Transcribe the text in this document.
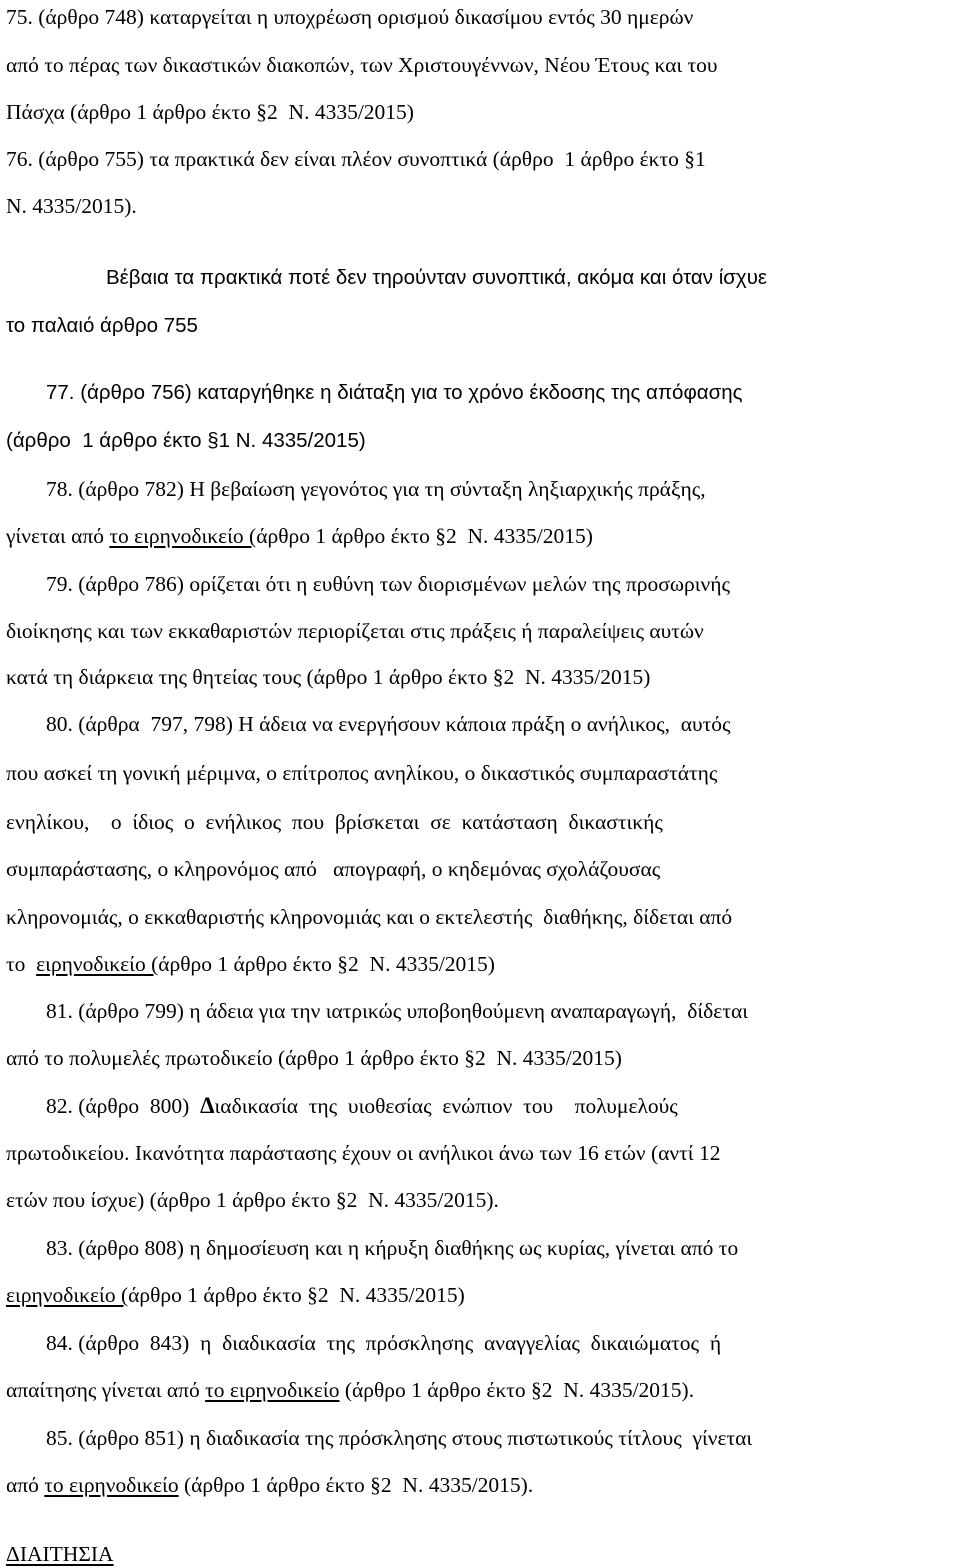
75. (άρθρο 748) καταργείται η υποχρέωση ορισμού δικασίμου εντός 30 ημερών
από το πέρας των δικαστικών διακοπών, των Χριστουγέννων, Νέου Έτους και του
Πάσχα (άρθρο 1 άρθρο έκτο §2  Ν. 4335/2015)
76. (άρθρο 755) τα πρακτικά δεν είναι πλέον συνοπτικά (άρθρο  1 άρθρο έκτο §1
Ν. 4335/2015).
Βέβαια τα πρακτικά ποτέ δεν τηρούνταν συνοπτικά, ακόμα και όταν ίσχυε
το παλαιό άρθρο 755
77. (άρθρο 756) καταργήθηκε η διάταξη για το χρόνο έκδοσης της απόφασης
(άρθρο  1 άρθρο έκτο §1 Ν. 4335/2015)
78. (άρθρο 782) Η βεβαίωση γεγονότος για τη σύνταξη ληξιαρχικής πράξης,
γίνεται από το ειρηνοδικείο (άρθρο 1 άρθρο έκτο §2  Ν. 4335/2015)
79. (άρθρο 786) ορίζεται ότι η ευθύνη των διορισμένων μελών της προσωρινής
διοίκησης και των εκκαθαριστών περιορίζεται στις πράξεις ή παραλείψεις αυτών
κατά τη διάρκεια της θητείας τους (άρθρο 1 άρθρο έκτο §2  Ν. 4335/2015)
80. (άρθρα  797, 798) Η άδεια να ενεργήσουν κάποια πράξη ο ανήλικος,  αυτός
που ασκεί τη γονική μέριμνα, ο επίτροπος ανηλίκου, ο δικαστικός συμπαραστάτης
ενηλίκου,    ο  ίδιος  ο  ενήλικος  που  βρίσκεται  σε  κατάσταση  δικαστικής
συμπαράστασης, ο κληρονόμος από   απογραφή, ο κηδεμόνας σχολάζουσας
κληρονομιάς, ο εκκαθαριστής κληρονομιάς και ο εκτελεστής  διαθήκης, δίδεται από
το  ειρηνοδικείο (άρθρο 1 άρθρο έκτο §2  Ν. 4335/2015)
81. (άρθρο 799) η άδεια για την ιατρικώς υποβοηθούμενη αναπαραγωγή,  δίδεται
από το πολυμελές πρωτοδικείο (άρθρο 1 άρθρο έκτο §2  Ν. 4335/2015)
82. (άρθρο  800)  Διαδικασία  της  υιοθεσίας  ενώπιον  του    πολυμελούς
πρωτοδικείου. Ικανότητα παράστασης έχουν οι ανήλικοι άνω των 16 ετών (αντί 12
ετών που ίσχυε) (άρθρο 1 άρθρο έκτο §2  Ν. 4335/2015).
83. (άρθρο 808) η δημοσίευση και η κήρυξη διαθήκης ως κυρίας, γίνεται από το
ειρηνοδικείο (άρθρο 1 άρθρο έκτο §2  Ν. 4335/2015)
84. (άρθρο  843)  η  διαδικασία  της  πρόσκλησης  αναγγελίας  δικαιώματος  ή
απαίτησης γίνεται από το ειρηνοδικείο (άρθρο 1 άρθρο έκτο §2  Ν. 4335/2015).
85. (άρθρο 851) η διαδικασία της πρόσκλησης στους πιστωτικούς τίτλους  γίνεται
από το ειρηνοδικείο (άρθρο 1 άρθρο έκτο §2  Ν. 4335/2015).
ΔΙΑΙΤΗΣΙΑ
